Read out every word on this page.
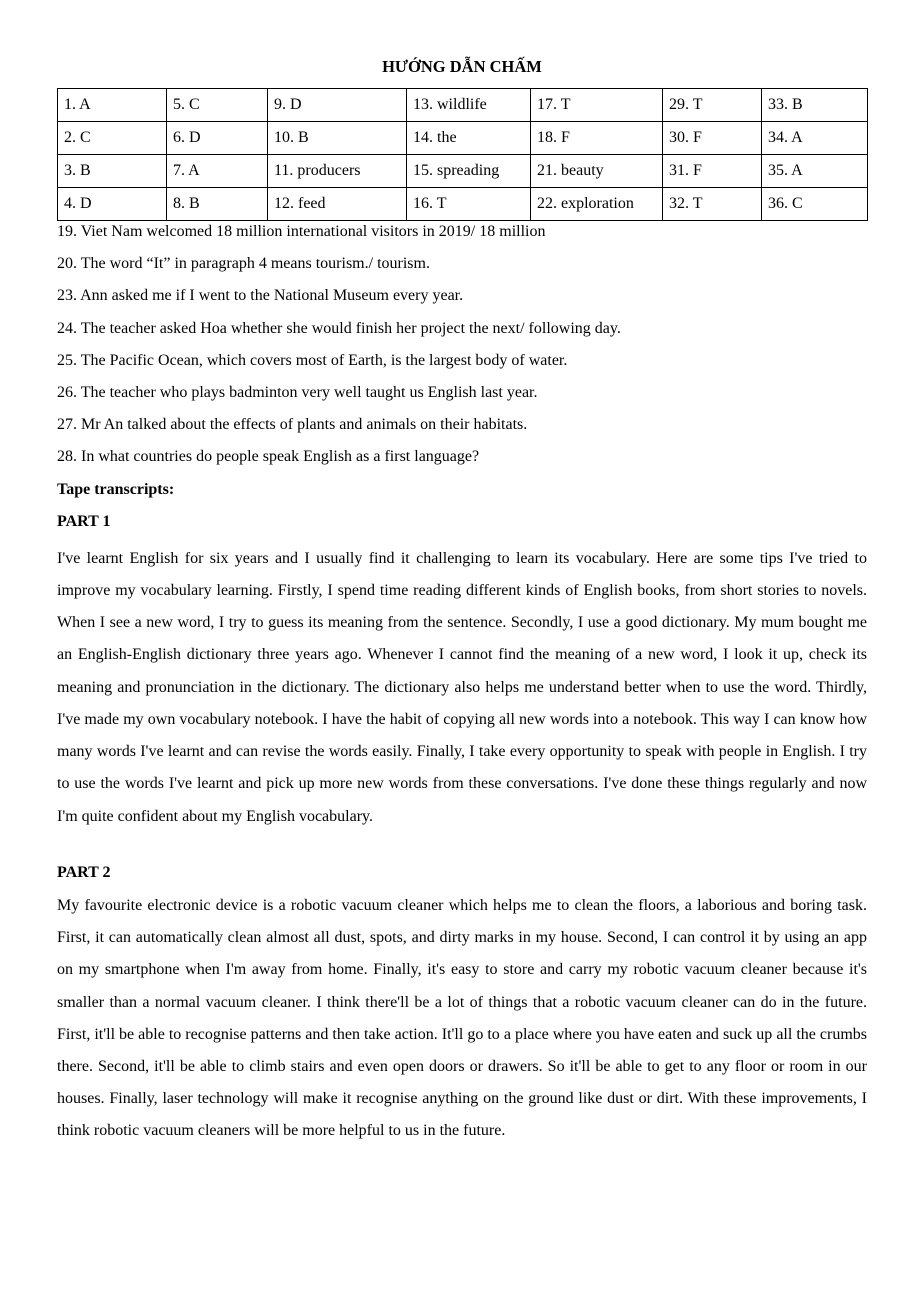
HƯỚNG DẪN CHẤM
1. A	5. C	9. D	13. wildlife	17. T	29. T	33. B
2. C	6. D	10. B	14. the	18. F	30. F	34. A
3. B	7. A	11. producers	15. spreading	21. beauty	31. F	35. A
4. D	8. B	12. feed	16. T	22. exploration	32. T	36. C
19. Viet Nam welcomed 18 million international visitors in 2019/ 18 million
20. The word “It” in paragraph 4 means tourism./ tourism.
23. Ann asked me if I went to the National Museum every year.
24. The teacher asked Hoa whether she would finish her project the next/ following day.
25. The Pacific Ocean, which covers most of Earth, is the largest body of water.
26. The teacher who plays badminton very well taught us English last year.
27. Mr An talked about the effects of plants and animals on their habitats.
28. In what countries do people speak English as a first language?
Tape transcripts:
PART 1

I've learnt English for six years and I usually find it challenging to learn its vocabulary. Here are some tips I've tried to improve my vocabulary learning. Firstly, I spend time reading different kinds of English books, from short stories to novels. When I see a new word, I try to guess its meaning from the sentence. Secondly, I use a good dictionary. My mum bought me an English-English dictionary three years ago. Whenever I cannot find the meaning of a new word, I look it up, check its meaning and pronunciation in the dictionary. The dictionary also helps me understand better when to use the word. Thirdly, I've made my own vocabulary notebook. I have the habit of copying all new words into a notebook. This way I can know how many words I've learnt and can revise the words easily. Finally, I take every opportunity to speak with people in English. I try to use the words I've learnt and pick up more new words from these conversations. I've done these things regularly and now I'm quite confident about my English vocabulary.

PART 2

My favourite electronic device is a robotic vacuum cleaner which helps me to clean the floors, a laborious and boring task. First, it can automatically clean almost all dust, spots, and dirty marks in my house. Second, I can control it by using an app on my smartphone when I'm away from home. Finally, it's easy to store and carry my robotic vacuum cleaner because it's smaller than a normal vacuum cleaner. I think there'll be a lot of things that a robotic vacuum cleaner can do in the future. First, it'll be able to recognise patterns and then take action. It'll go to a place where you have eaten and suck up all the crumbs there. Second, it'll be able to climb stairs and even open doors or drawers. So it'll be able to get to any floor or room in our houses. Finally, laser technology will make it recognise anything on the ground like dust or dirt. With these improvements, I think robotic vacuum cleaners will be more helpful to us in the future.
